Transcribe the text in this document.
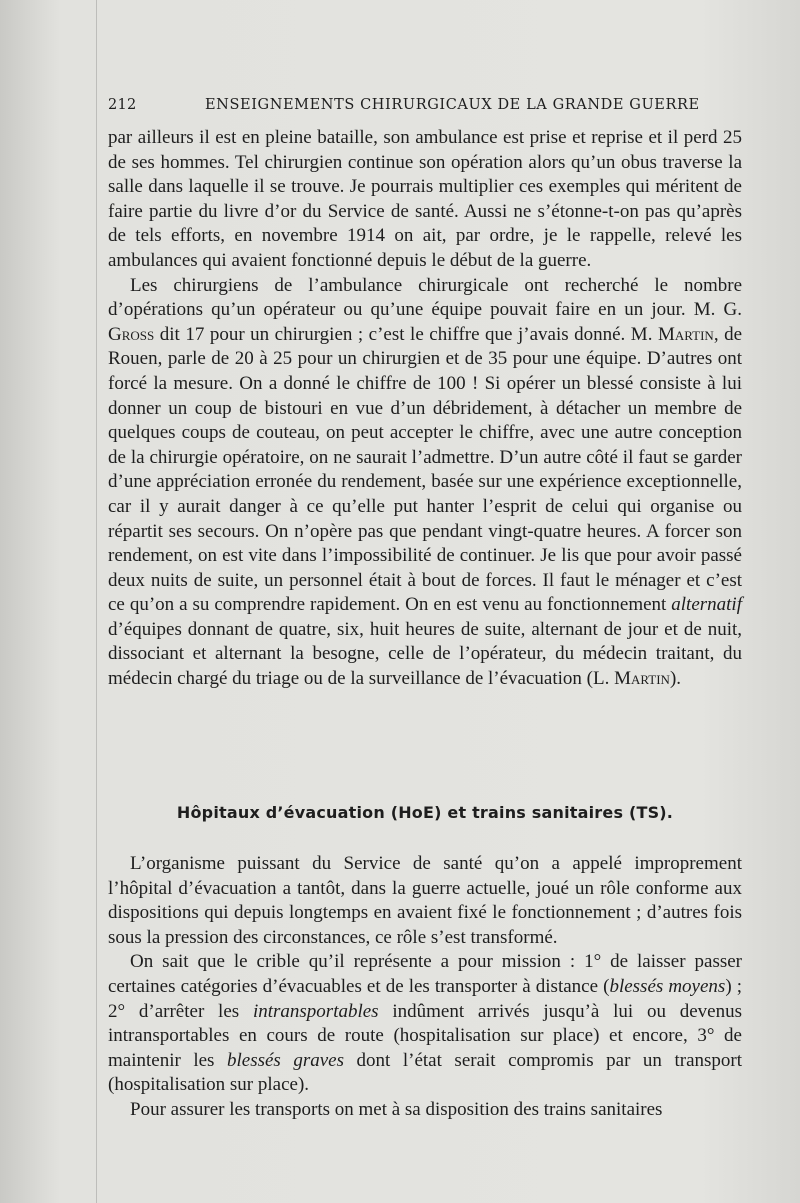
212	ENSEIGNEMENTS CHIRURGICAUX DE LA GRANDE GUERRE

par ailleurs il est en pleine bataille, son ambulance est prise et reprise et il perd 25 de ses hommes. Tel chirurgien continue son opération alors qu’un obus traverse la salle dans laquelle il se trouve. Je pourrais multiplier ces exemples qui méritent de faire partie du livre d’or du Service de santé. Aussi ne s’étonne-t-on pas qu’après de tels efforts, en novembre 1914 on ait, par ordre, je le rappelle, relevé les ambulances qui avaient fonctionné depuis le début de la guerre.

Les chirurgiens de l’ambulance chirurgicale ont recherché le nombre d’opérations qu’un opérateur ou qu’une équipe pouvait faire en un jour. M. G. Gross dit 17 pour un chirurgien ; c’est le chiffre que j’avais donné. M. Martin, de Rouen, parle de 20 à 25 pour un chirurgien et de 35 pour une équipe. D’autres ont forcé la mesure. On a donné le chiffre de 100 ! Si opérer un blessé consiste à lui donner un coup de bistouri en vue d’un débridement, à détacher un membre de quelques coups de couteau, on peut accepter le chiffre, avec une autre conception de la chirurgie opératoire, on ne saurait l’admettre. D’un autre côté il faut se garder d’une appréciation erronée du rendement, basée sur une expérience exceptionnelle, car il y aurait danger à ce qu’elle put hanter l’esprit de celui qui organise ou répartit ses secours. On n’opère pas que pendant vingt-quatre heures. A forcer son rendement, on est vite dans l’impossibilité de continuer. Je lis que pour avoir passé deux nuits de suite, un personnel était à bout de forces. Il faut le ménager et c’est ce qu’on a su comprendre rapidement. On en est venu au fonctionnement alternatif d’équipes donnant de quatre, six, huit heures de suite, alternant de jour et de nuit, dissociant et alternant la besogne, celle de l’opérateur, du médecin traitant, du médecin chargé du triage ou de la surveillance de l’évacuation (L. Martin).

Hôpitaux d’évacuation (HoE) et trains sanitaires (TS).

L’organisme puissant du Service de santé qu’on a appelé improprement l’hôpital d’évacuation a tantôt, dans la guerre actuelle, joué un rôle conforme aux dispositions qui depuis longtemps en avaient fixé le fonctionnement ; d’autres fois sous la pression des circonstances, ce rôle s’est transformé.

On sait que le crible qu’il représente a pour mission : 1° de laisser passer certaines catégories d’évacuables et de les transporter à distance (blessés moyens) ; 2° d’arrêter les intransportables indûment arrivés jusqu’à lui ou devenus intransportables en cours de route (hospitalisation sur place) et encore, 3° de maintenir les blessés graves dont l’état serait compromis par un transport (hospitalisation sur place).

Pour assurer les transports on met à sa disposition des trains sanitaires
